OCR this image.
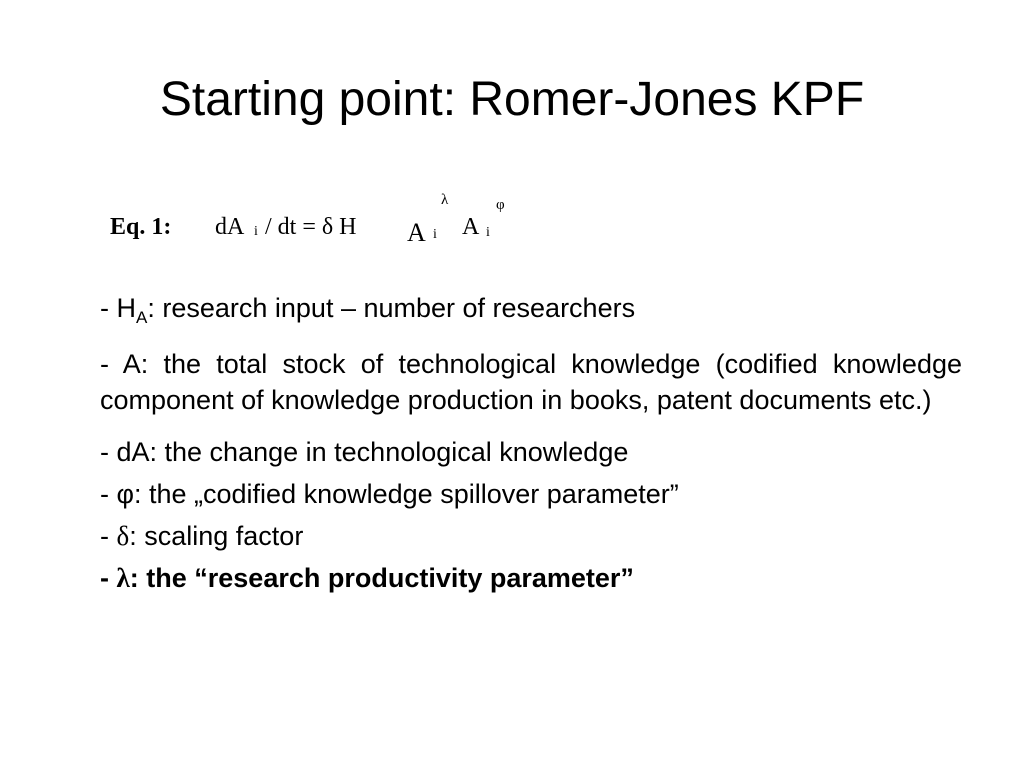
Starting point: Romer-Jones KPF
Eq. 1: dA i / dt = δ H A i
λ
A i
φ
- $H_A$: research input – number of researchers
- A: the total stock of technological knowledge (codified knowledge component of knowledge production in books, patent documents etc.)
- dA: the change in technological knowledge
- φ: the „codified knowledge spillover parameter”
- δ: scaling factor
- λ: the “research productivity parameter”
